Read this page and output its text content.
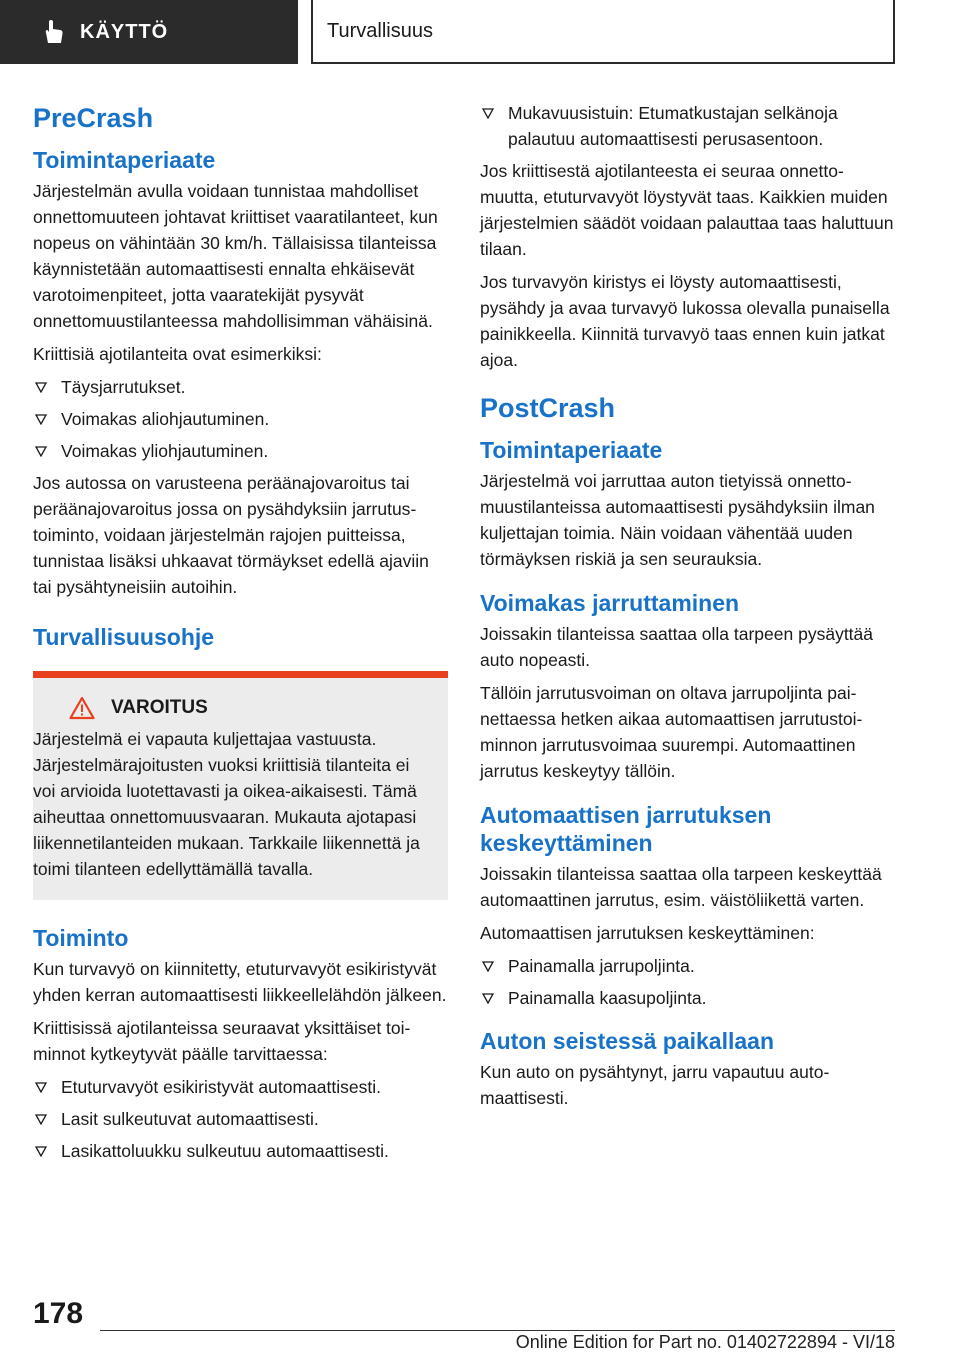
KÄYTTÖ	Turvallisuus
PreCrash
Toimintaperiaate

Järjestelmän avulla voidaan tunnistaa mahdolliset onnettomuuteen johtavat kriittiset vaaratilanteet, kun nopeus on vähintään 30 km/h. Tällaisissa tilanteissa käynnistetään automaattisesti ennalta ehkäisevät varotoimenpiteet, jotta vaaratekijät pysyvät onnettomuustilanteessa mahdollisimman vähäisinä.

Kriittisiä ajotilanteita ovat esimerkiksi:

Täysjarrutukset.
Voimakas aliohjautuminen.
Voimakas yliohjautuminen.

Jos autossa on varusteena peräänajovaroitus tai peräänajovaroitus jossa on pysähdyksiin jarrutustoiminto, voidaan järjestelmän rajojen puitteissa, tunnistaa lisäksi uhkaavat törmäykset edellä ajaviin tai pysähtyneisiin autoihin.

Turvallisuusohje
VAROITUS

Järjestelmä ei vapauta kuljettajaa vastuusta. Järjestelmärajoitusten vuoksi kriittisiä tilanteita ei voi arvioida luotettavasti ja oikea-aikaisesti. Tämä aiheuttaa onnettomuusvaaran. Mukauta ajotapasi liikennetilanteiden mukaan. Tarkkaile liikennettä ja toimi tilanteen edellyttämällä tavalla.

Toiminto

Kun turvavyö on kiinnitetty, etuturvavyöt esikiristyvät yhden kerran automaattisesti liikkeellelähdön jälkeen.

Kriittisissä ajotilanteissa seuraavat yksittäiset toiminnot kytkeytyvät päälle tarvittaessa:

Etuturvavyöt esikiristyvät automaattisesti.
Lasit sulkeutuvat automaattisesti.
Lasikattoluukku sulkeutuu automaattisesti.
Mukavuusistuin: Etumatkustajan selkänoja palautuu automaattisesti perusasentoon.

Jos kriittisestä ajotilanteesta ei seuraa onnettomuutta, etuturvavyöt löystyvät taas. Kaikkien muiden järjestelmien säädöt voidaan palauttaa taas haluttuun tilaan.

Jos turvavyön kiristys ei löysty automaattisesti, pysähdy ja avaa turvavyö lukossa olevalla punaisella painikkeella. Kiinnitä turvavyö taas ennen kuin jatkat ajoa.

PostCrash
Toimintaperiaate

Järjestelmä voi jarruttaa auton tietyissä onnettomuustilanteissa automaattisesti pysähdyksiin ilman kuljettajan toimia. Näin voidaan vähentää uuden törmäyksen riskiä ja sen seurauksia.

Voimakas jarruttaminen

Joissakin tilanteissa saattaa olla tarpeen pysäyttää auto nopeasti.

Tällöin jarrutusvoiman on oltava jarrupoljinta painettaessa hetken aikaa automaattisen jarrutustoiminnon jarrutusvoimaa suurempi. Automaattinen jarrutus keskeytyy tällöin.

Automaattisen jarrutuksen keskeyttäminen

Joissakin tilanteissa saattaa olla tarpeen keskeyttää automaattinen jarrutus, esim. väistöliikettä varten.

Automaattisen jarrutuksen keskeyttäminen:

Painamalla jarrupoljinta.
Painamalla kaasupoljinta.
Auton seistessä paikallaan

Kun auto on pysähtynyt, jarru vapautuu automaattisesti.

178
Online Edition for Part no. 01402722894 - VI/18
